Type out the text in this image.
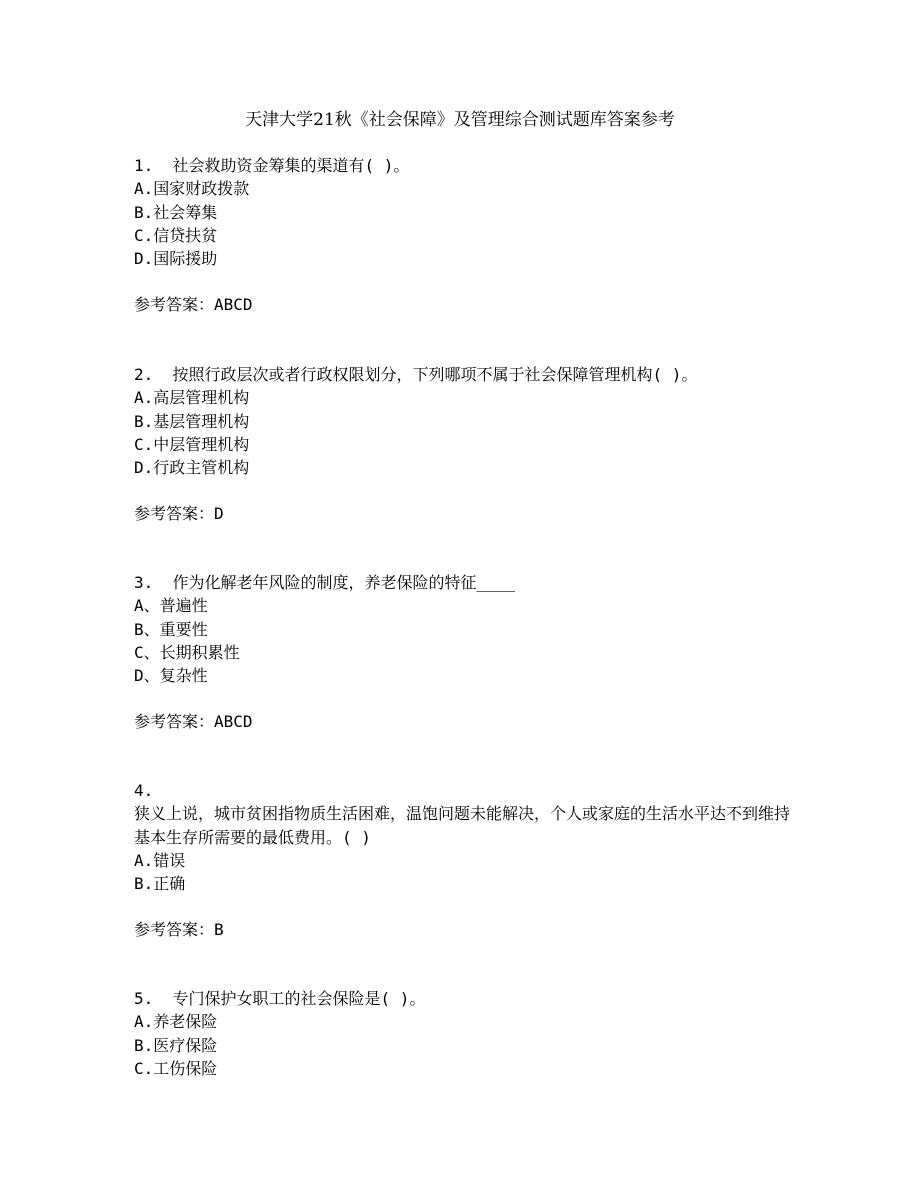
天津大学21秋《社会保障》及管理综合测试题库答案参考
1. 社会救助资金筹集的渠道有( )。
A.国家财政拨款
B.社会筹集
C.信贷扶贫
D.国际援助
参考答案：ABCD
2. 按照行政层次或者行政权限划分，下列哪项不属于社会保障管理机构( )。
A.高层管理机构
B.基层管理机构
C.中层管理机构
D.行政主管机构
参考答案：D
3. 作为化解老年风险的制度，养老保险的特征____
A、普遍性
B、重要性
C、长期积累性
D、复杂性
参考答案：ABCD
4.
狭义上说，城市贫困指物质生活困难，温饱问题未能解决，个人或家庭的生活水平达不到维持基本生存所需要的最低费用。( )
A.错误
B.正确
参考答案：B
5. 专门保护女职工的社会保险是( )。
A.养老保险
B.医疗保险
C.工伤保险
